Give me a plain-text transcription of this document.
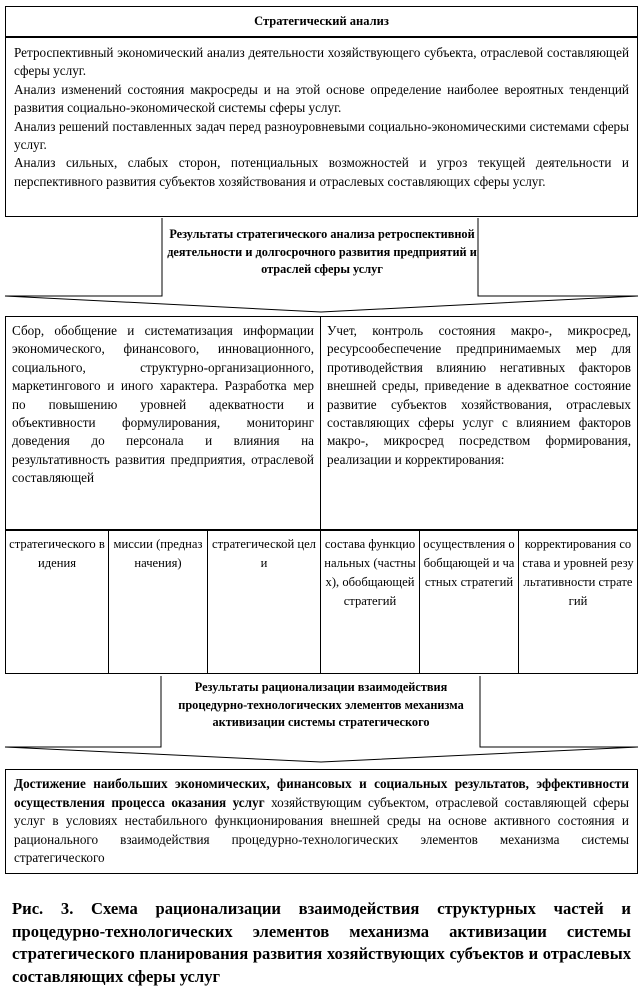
Стратегический анализ

Ретроспективный экономический анализ деятельности хозяйствующего субъекта, отраслевой составляющей сферы услуг.

Анализ изменений состояния макросреды и на этой основе определение наиболее вероятных тенденций развития социально-экономической системы сферы услуг.

Анализ решений поставленных задач перед разноуровневыми социально-экономическими системами сферы услуг.

Анализ сильных, слабых сторон, потенциальных возможностей и угроз текущей деятельности и перспективного развития субъектов хозяйствования и отраслевых составляющих сферы услуг.

Результаты стратегического анализа ретроспективной деятельности и долгосрочного развития предприятий и отраслей сферы услуг
Сбор, обобщение и систематизация информации экономического, финансового, инновационного, социального, структурно-организационного, маркетингового и иного характера. Разработка мер по повышению уровней адекватности и объективности формулирования, мониторинг доведения до персонала и влияния на результативность развития предприятия, отраслевой составляющей
Учет, контроль состояния макро-, микросред, ресурсообеспечение предпринимаемых мер для противодействия влиянию негативных факторов внешней среды, приведение в адекватное состояние развитие субъектов хозяйствования, отраслевых составляющих сферы услуг с влиянием факторов макро-, микросред посредством формирования, реализации и корректирования:
стратегического видения
миссии (предназначения)
стратегической цели
состава функциональных (частных), обобщающей стратегий
осуществления обобщающей и частных стратегий
корректирования состава и уровней результативности стратегий
Результаты рационализации взаимодействия процедурно-технологических элементов механизма активизации системы стратегического
Достижение наибольших экономических, финансовых и социальных результатов, эффективности осуществления процесса оказания услуг хозяйствующим субъектом, отраслевой составляющей сферы услуг в условиях нестабильного функционирования внешней среды на основе активного состояния и рационального взаимодействия процедурно-технологических элементов механизма системы стратегического
Рис. 3. Схема рационализации взаимодействия структурных частей и процедурно-технологических элементов механизма активизации системы стратегического планирования развития хозяйствующих субъектов и отраслевых составляющих сферы услуг
